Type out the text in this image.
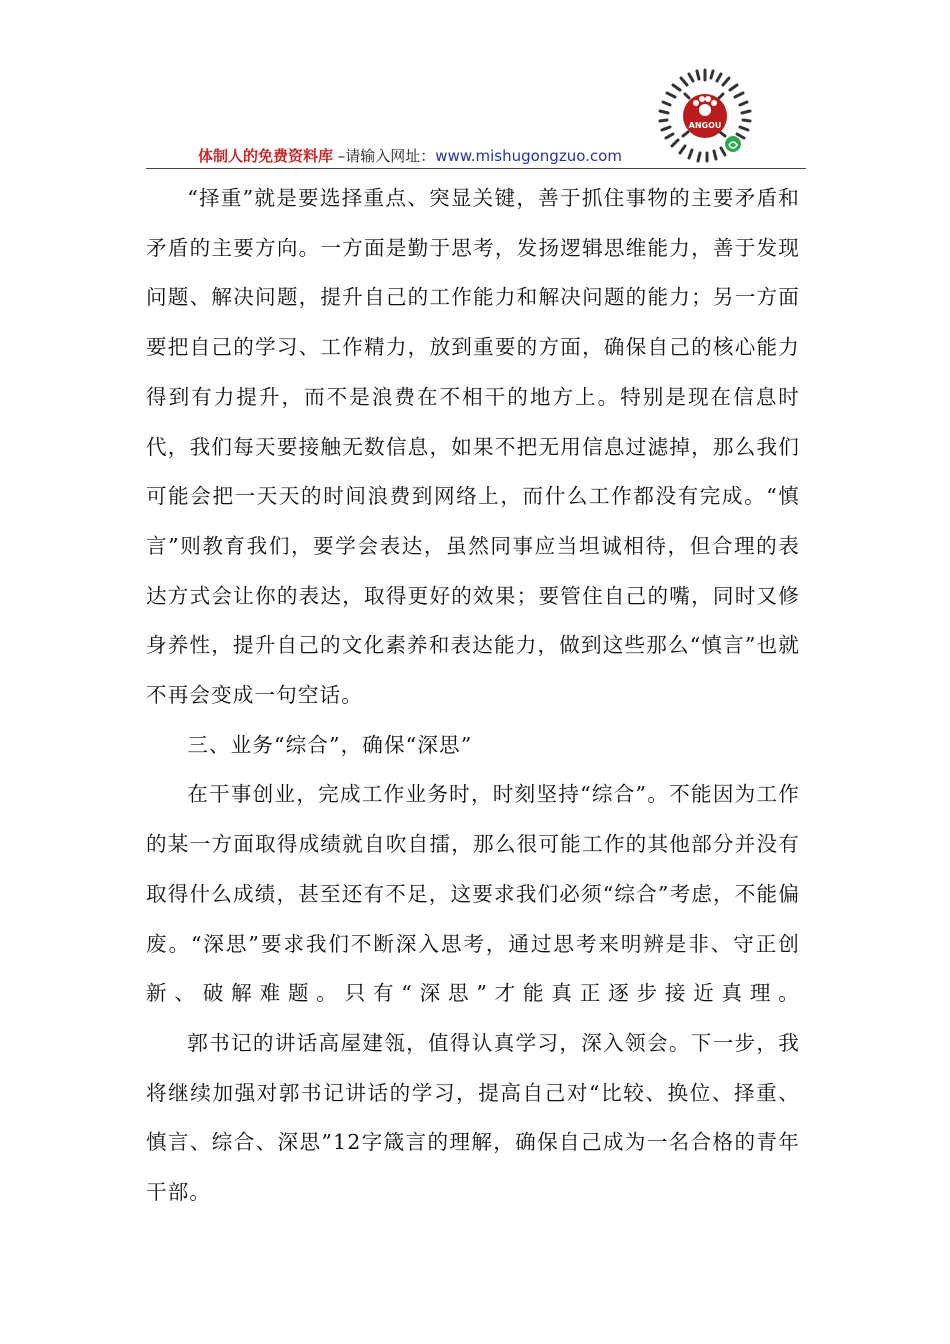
体制人的免费资料库 –请输入网址：www.mishugongzuo.com
ANGOU

“择重”就是要选择重点、突显关键，善于抓住事物的主要矛盾和矛盾的主要方向。一方面是勤于思考，发扬逻辑思维能力，善于发现问题、解决问题，提升自己的工作能力和解决问题的能力；另一方面要把自己的学习、工作精力，放到重要的方面，确保自己的核心能力得到有力提升，而不是浪费在不相干的地方上。特别是现在信息时代，我们每天要接触无数信息，如果不把无用信息过滤掉，那么我们可能会把一天天的时间浪费到网络上，而什么工作都没有完成。“慎言”则教育我们，要学会表达，虽然同事应当坦诚相待，但合理的表达方式会让你的表达，取得更好的效果；要管住自己的嘴，同时又修身养性，提升自己的文化素养和表达能力，做到这些那么“慎言”也就不再会变成一句空话。

三、业务“综合”，确保“深思”

在干事创业，完成工作业务时，时刻坚持“综合”。不能因为工作的某一方面取得成绩就自吹自擂，那么很可能工作的其他部分并没有取得什么成绩，甚至还有不足，这要求我们必须“综合”考虑，不能偏废。“深思”要求我们不断深入思考，通过思考来明辨是非、守正创新、破解难题。只有“深思”才能真正逐步接近真理。

郭书记的讲话高屋建瓴，值得认真学习，深入领会。下一步，我将继续加强对郭书记讲话的学习，提高自己对“比较、换位、择重、慎言、综合、深思”12字箴言的理解，确保自己成为一名合格的青年干部。
